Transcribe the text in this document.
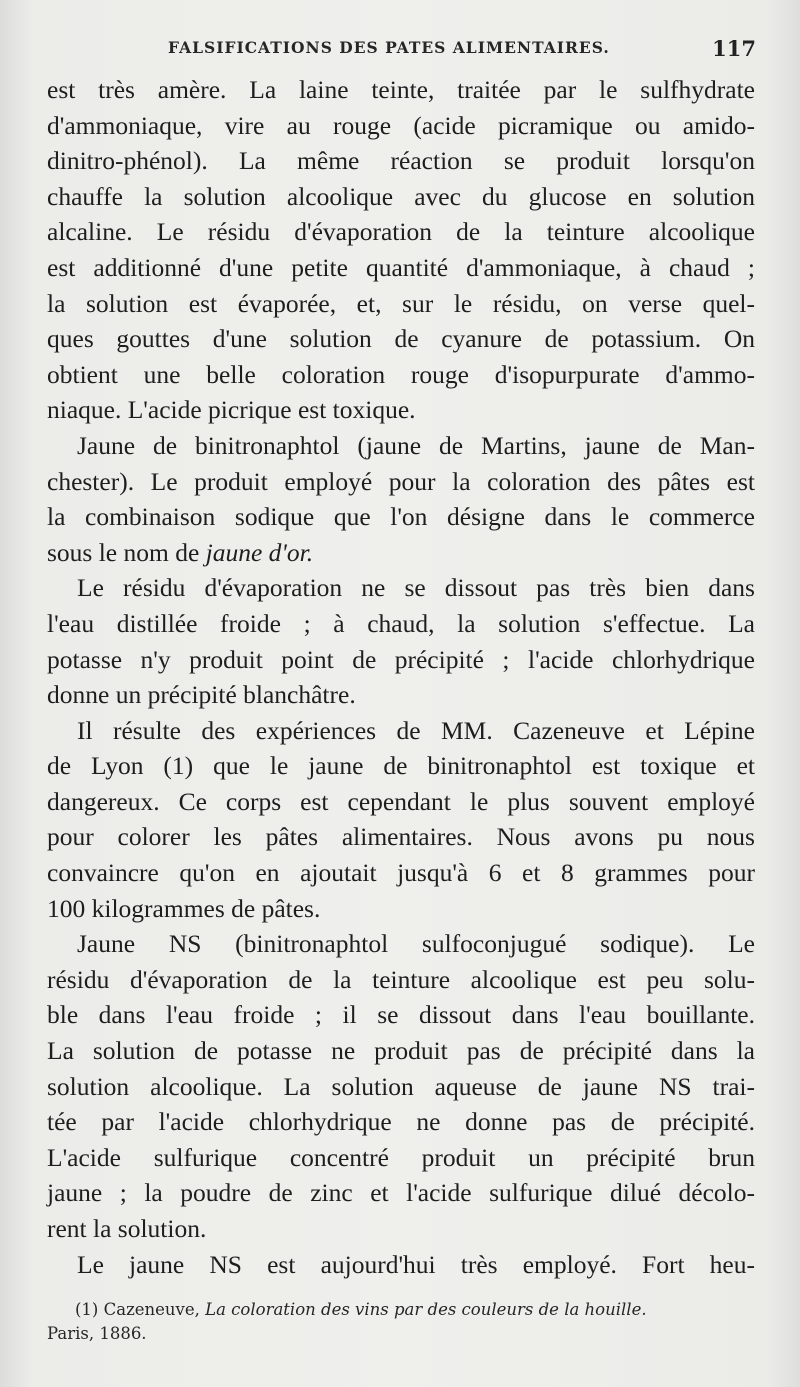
FALSIFICATIONS DES PATES ALIMENTAIRES.	117
est très amère. La laine teinte, traitée par le sulfhydrate
d'ammoniaque, vire au rouge (acide picramique ou amido-
dinitro-phénol). La même réaction se produit lorsqu'on
chauffe la solution alcoolique avec du glucose en solution
alcaline. Le résidu d'évaporation de la teinture alcoolique
est additionné d'une petite quantité d'ammoniaque, à chaud ;
la solution est évaporée, et, sur le résidu, on verse quel-
ques gouttes d'une solution de cyanure de potassium. On
obtient une belle coloration rouge d'isopurpurate d'ammo-
niaque. L'acide picrique est toxique.
Jaune de binitronaphtol (jaune de Martins, jaune de Man-
chester). Le produit employé pour la coloration des pâtes est
la combinaison sodique que l'on désigne dans le commerce
sous le nom de jaune d'or.
Le résidu d'évaporation ne se dissout pas très bien dans
l'eau distillée froide ; à chaud, la solution s'effectue. La
potasse n'y produit point de précipité ; l'acide chlorhydrique
donne un précipité blanchâtre.
Il résulte des expériences de MM. Cazeneuve et Lépine
de Lyon (1) que le jaune de binitronaphtol est toxique et
dangereux. Ce corps est cependant le plus souvent employé
pour colorer les pâtes alimentaires. Nous avons pu nous
convaincre qu'on en ajoutait jusqu'à 6 et 8 grammes pour
100 kilogrammes de pâtes.
Jaune NS (binitronaphtol sulfoconjugué sodique). Le
résidu d'évaporation de la teinture alcoolique est peu solu-
ble dans l'eau froide ; il se dissout dans l'eau bouillante.
La solution de potasse ne produit pas de précipité dans la
solution alcoolique. La solution aqueuse de jaune NS trai-
tée par l'acide chlorhydrique ne donne pas de précipité.
L'acide sulfurique concentré produit un précipité brun
jaune ; la poudre de zinc et l'acide sulfurique dilué décolo-
rent la solution.
Le jaune NS est aujourd'hui très employé. Fort heu-
(1) Cazeneuve, La coloration des vins par des couleurs de la houille.
Paris, 1886.
